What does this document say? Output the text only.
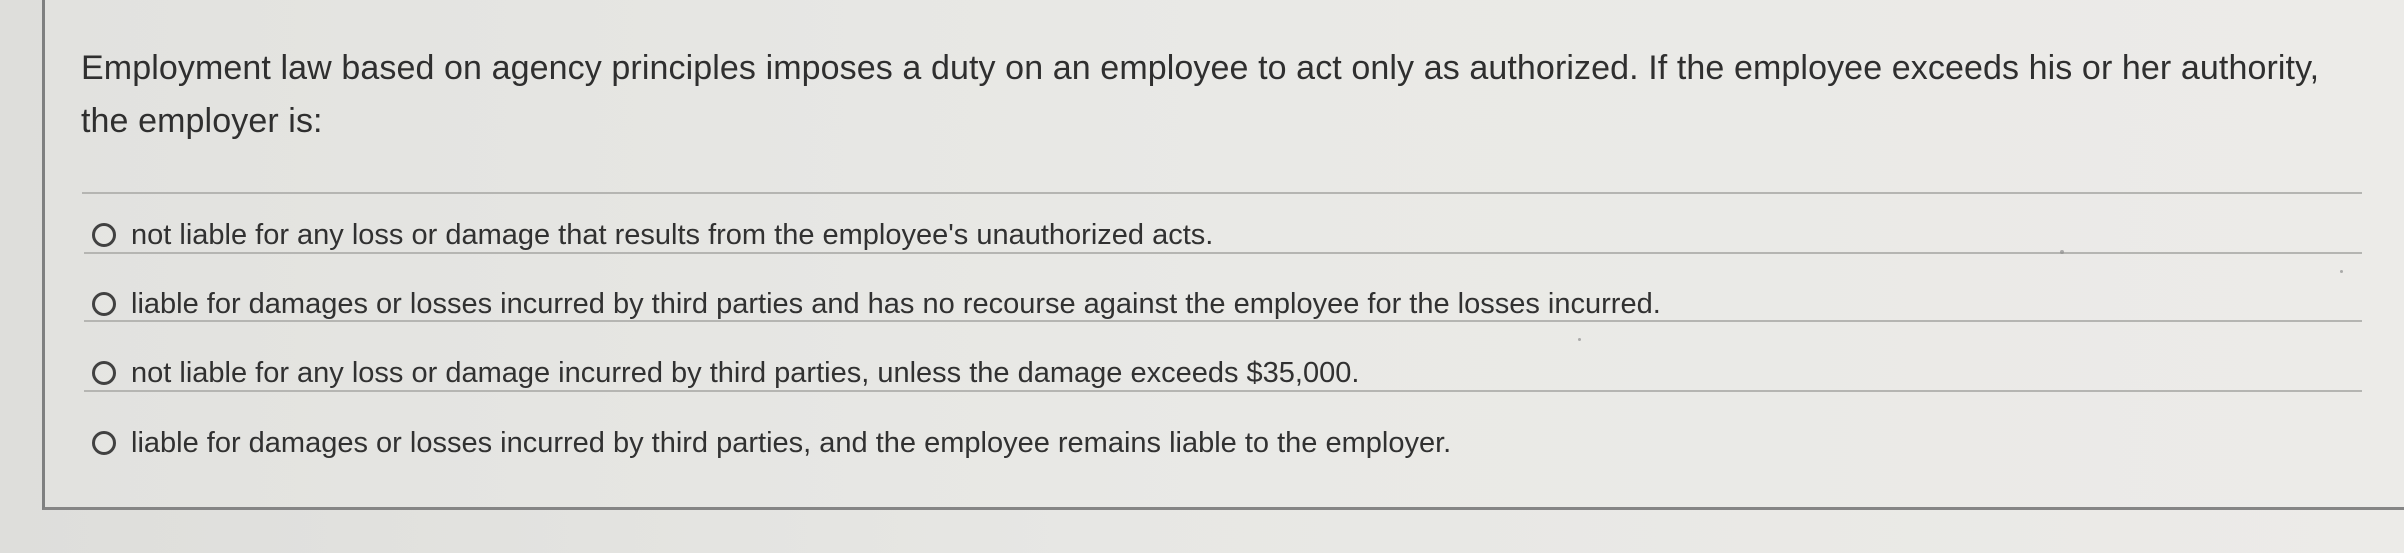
Employment law based on agency principles imposes a duty on an employee to act only as authorized. If the employee exceeds his or her authority, the employer is:
not liable for any loss or damage that results from the employee's unauthorized acts.
liable for damages or losses incurred by third parties and has no recourse against the employee for the losses incurred.
not liable for any loss or damage incurred by third parties, unless the damage exceeds $35,000.
liable for damages or losses incurred by third parties, and the employee remains liable to the employer.
